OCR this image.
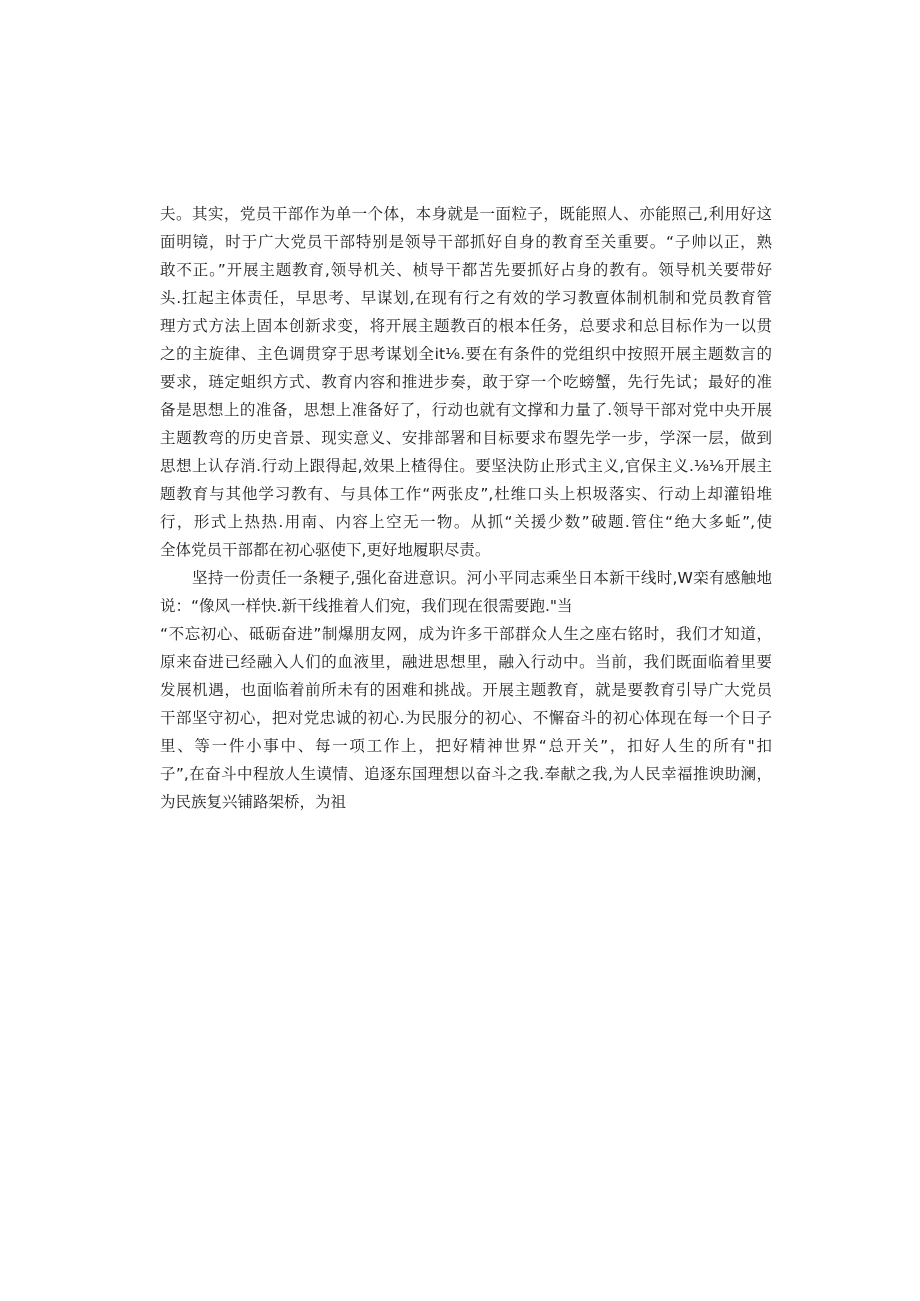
夫。其实，党员干部作为单一个体，本身就是一面粒子，既能照人、亦能照己,利用好这
面明镜，时于广大党员干部特别是领导干部抓好自身的教育至关重要。“子帅以正，熟
敢不正。”开展主题教育,领导机关、桢导干都苫先要抓好占身的教有。领导机关要带好
头.扛起主体责任，早思考、早谋划,在现有行之有效的学习教亶体制机制和党员教育管
理方式方法上固本创新求变，将开展主题教百的根本任务，总要求和总目标作为一以贯
之的主旋律、主色调贯穿于思考谋划全it⅛.要在有条件的党组织中按照开展主题数言的
要求，琏定蛆织方式、教育内容和推进步奏，敢于穿一个吃螃蟹，先行先试；最好的准
备是思想上的准备，思想上准备好了，行动也就有文撑和力量了.领导干部对党中央开展
主题教弯的历史音景、现实意义、安排部署和目标要求布曌先学一步，学深一层，做到
思想上认存消.行动上跟得起,效果上楂得住。要坚決防止形式主义,官保主义.⅛⅛开展主
题教育与其他学习教有、与具体工作“两张皮”,杜维口头上枳圾落实、行动上却灌铅堆
行，形式上热热.用南、内容上空无一物。从抓“关援少数”破题.管住“绝大多蚯”,使
全体党员干部都在初心驱使下,更好地履职尽责。
坚持一份责任一条粳子,强化奋进意识。河小平同志乘坐日本新干线时,W栾有感触地
说：“像风一样快.新干线推着人们宛，我们现在很需要跑."当
“不忘初心、砥砺奋进”制爆朋友网，成为许多干部群众人生之座右铭时，我们才知道，
原来奋进已经融入人们的血液里，融进思想里，融入行动中。当前，我们既面临着里要
发展机遇，也面临着前所未有的困难和挑战。开展主题教育，就是要教育引导广大党员
干部坚守初心，把对党忠诚的初心.为民服分的初心、不懈奋斗的初心体现在每一个日子
里、等一件小事中、每一项工作上，把好精神世界“总开关”，扣好人生的所有"扣
子”,在奋斗中程放人生谟情、追逐东国理想以奋斗之我.奉献之我,为人民幸福推谀助澜，
为民族复兴铺路架桥，为祖
